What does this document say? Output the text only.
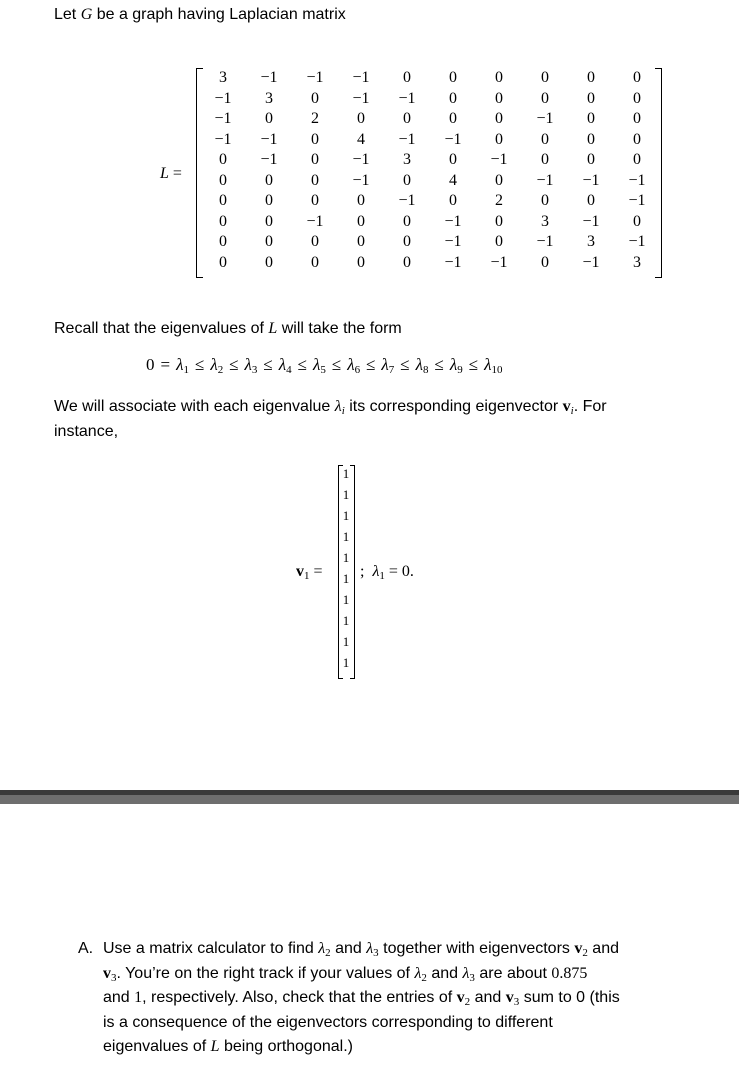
Let G be a graph having Laplacian matrix
L =
3	−1	−1	−1	0	0	0	0	0	0
−1	3	0	−1	−1	0	0	0	0	0
−1	0	2	0	0	0	0	−1	0	0
−1	−1	0	4	−1	−1	0	0	0	0
0	−1	0	−1	3	0	−1	0	0	0
0	0	0	−1	0	4	0	−1	−1	−1
0	0	0	0	−1	0	2	0	0	−1
0	0	−1	0	0	−1	0	3	−1	0
0	0	0	0	0	−1	0	−1	3	−1
0	0	0	0	0	−1	−1	0	−1	3
Recall that the eigenvalues of L will take the form
$0 = \lambda_1 \le \lambda_2 \le \lambda_3 \le \lambda_4 \le \lambda_5 \le \lambda_6 \le \lambda_7 \le \lambda_8 \le \lambda_9 \le \lambda_{10}$
We will associate with each eigenvalue $\lambda_i$ its corresponding eigenvector $v_i$. For
instance,
$v_1$ =
1
1
1
1
1
1
1
1
1
1
; $\lambda_1 = 0$.
A. Use a matrix calculator to find $\lambda_2$ and $\lambda_3$ together with eigenvectors $v_2$ and
$v_3$. You’re on the right track if your values of $\lambda_2$ and $\lambda_3$ are about 0.875
and 1, respectively. Also, check that the entries of $v_2$ and $v_3$ sum to 0 (this
is a consequence of the eigenvectors corresponding to different
eigenvalues of L being orthogonal.)
